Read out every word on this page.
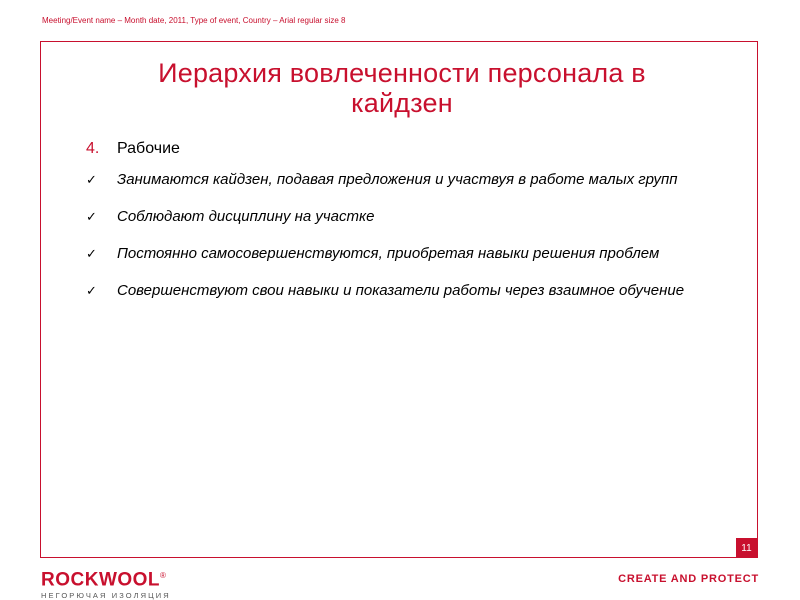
Meeting/Event name – Month date, 2011, Type of event, Country – Arial regular size 8
Иерархия вовлеченности персонала в
кайдзен
4.	Рабочие
✓	Занимаются кайдзен, подавая предложения и участвуя в работе малых групп
✓	Соблюдают дисциплину на участке
✓	Постоянно самосовершенствуются, приобретая навыки решения проблем
✓	Совершенствуют свои навыки и показатели работы через взаимное обучение
11
ROCKWOOL®
НЕГОРЮЧАЯ ИЗОЛЯЦИЯ
CREATE AND PROTECT
